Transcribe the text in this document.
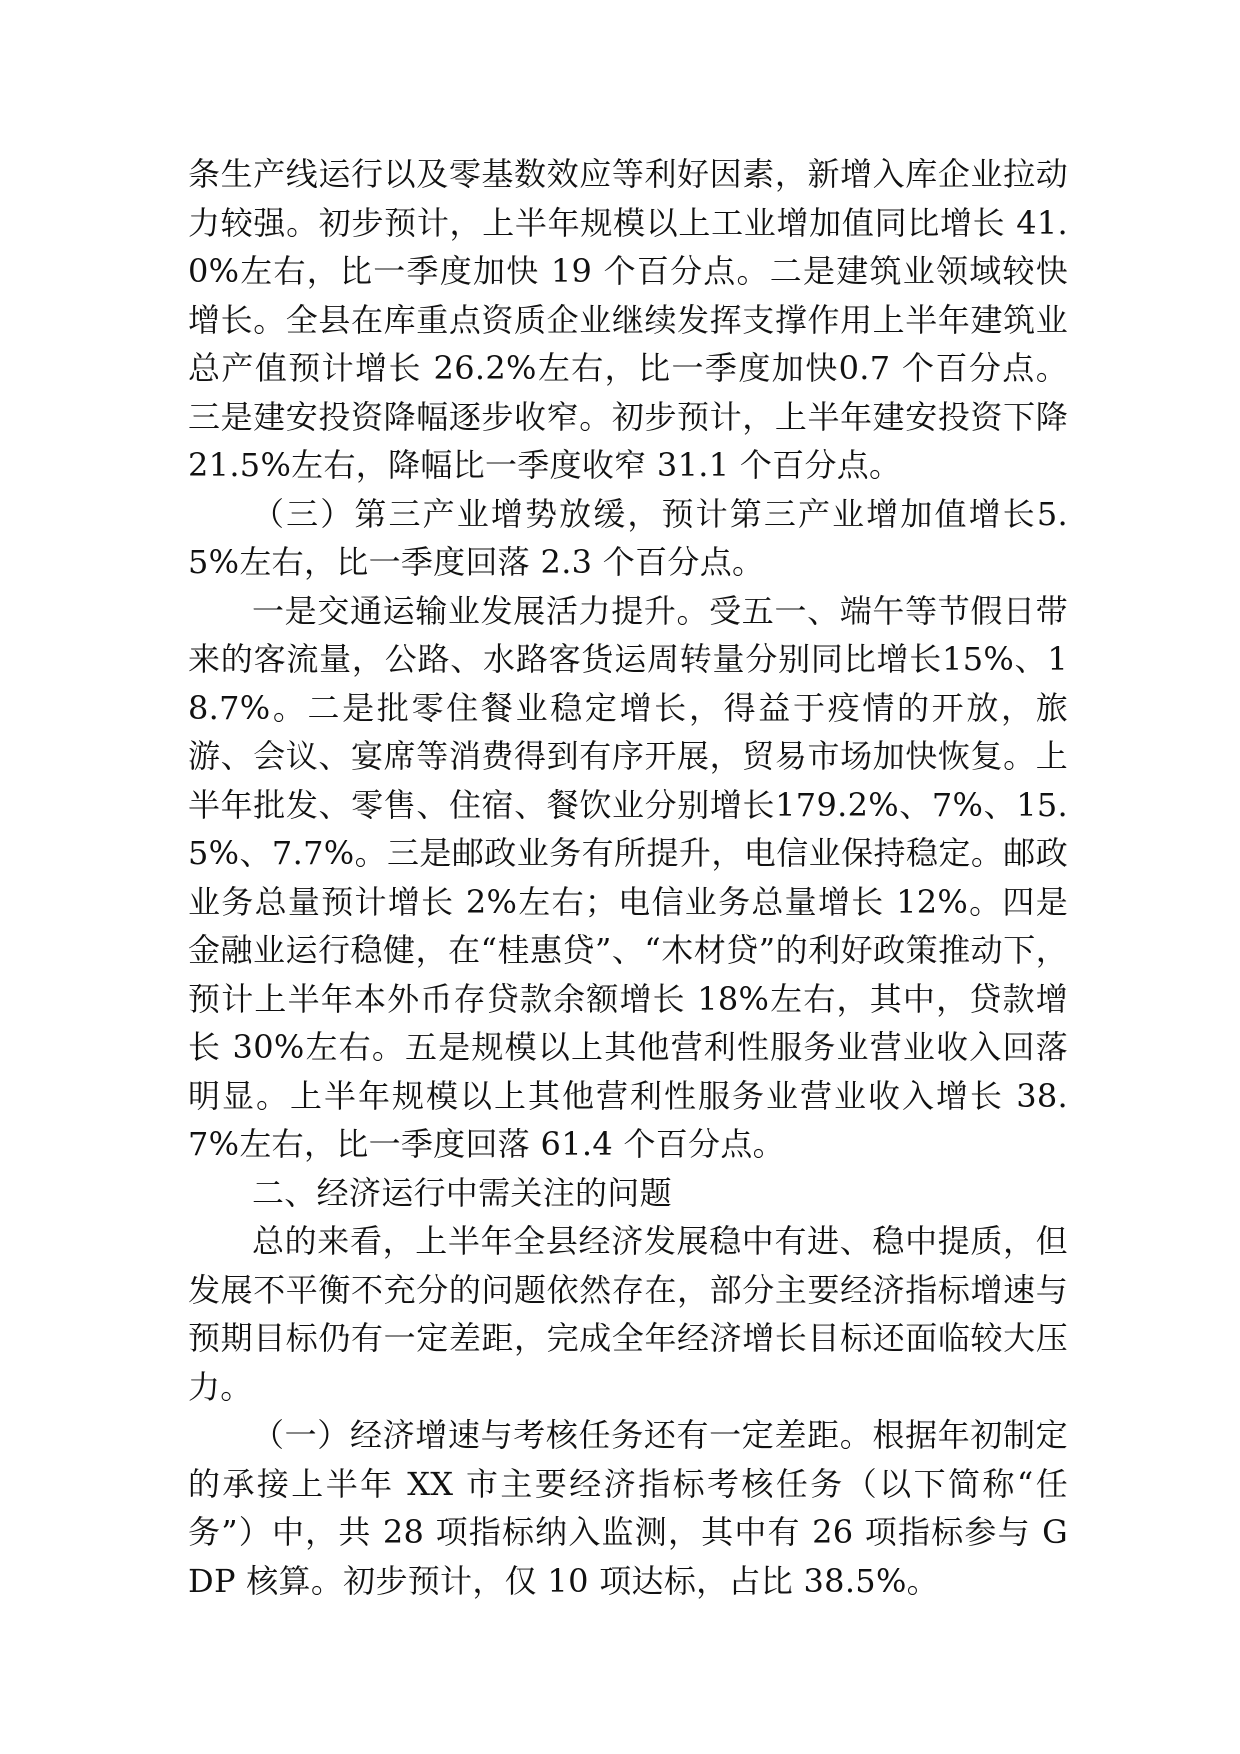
条生产线运行以及零基数效应等利好因素，新增入库企业拉动力较强。初步预计，上半年规模以上工业增加值同比增长 41.0%左右，比一季度加快 19 个百分点。二是建筑业领域较快增长。全县在库重点资质企业继续发挥支撑作用上半年建筑业总产值预计增长 26.2%左右，比一季度加快0.7 个百分点。三是建安投资降幅逐步收窄。初步预计，上半年建安投资下降 21.5%左右，降幅比一季度收窄 31.1 个百分点。

（三）第三产业增势放缓，预计第三产业增加值增长5.5%左右，比一季度回落 2.3 个百分点。

一是交通运输业发展活力提升。受五一、端午等节假日带来的客流量，公路、水路客货运周转量分别同比增长15%、18.7%。二是批零住餐业稳定增长，得益于疫情的开放，旅游、会议、宴席等消费得到有序开展，贸易市场加快恢复。上半年批发、零售、住宿、餐饮业分别增长179.2%、7%、15.5%、7.7%。三是邮政业务有所提升，电信业保持稳定。邮政业务总量预计增长 2%左右；电信业务总量增长 12%。四是金融业运行稳健，在“桂惠贷”、“木材贷”的利好政策推动下，预计上半年本外币存贷款余额增长 18%左右，其中，贷款增长 30%左右。五是规模以上其他营利性服务业营业收入回落明显。上半年规模以上其他营利性服务业营业收入增长 38.7%左右，比一季度回落 61.4 个百分点。

二、经济运行中需关注的问题

总的来看，上半年全县经济发展稳中有进、稳中提质，但发展不平衡不充分的问题依然存在，部分主要经济指标增速与预期目标仍有一定差距，完成全年经济增长目标还面临较大压力。

（一）经济增速与考核任务还有一定差距。根据年初制定的承接上半年 XX 市主要经济指标考核任务（以下简称“任务”）中，共 28 项指标纳入监测，其中有 26 项指标参与 GDP 核算。初步预计，仅 10 项达标，占比 38.5%。
